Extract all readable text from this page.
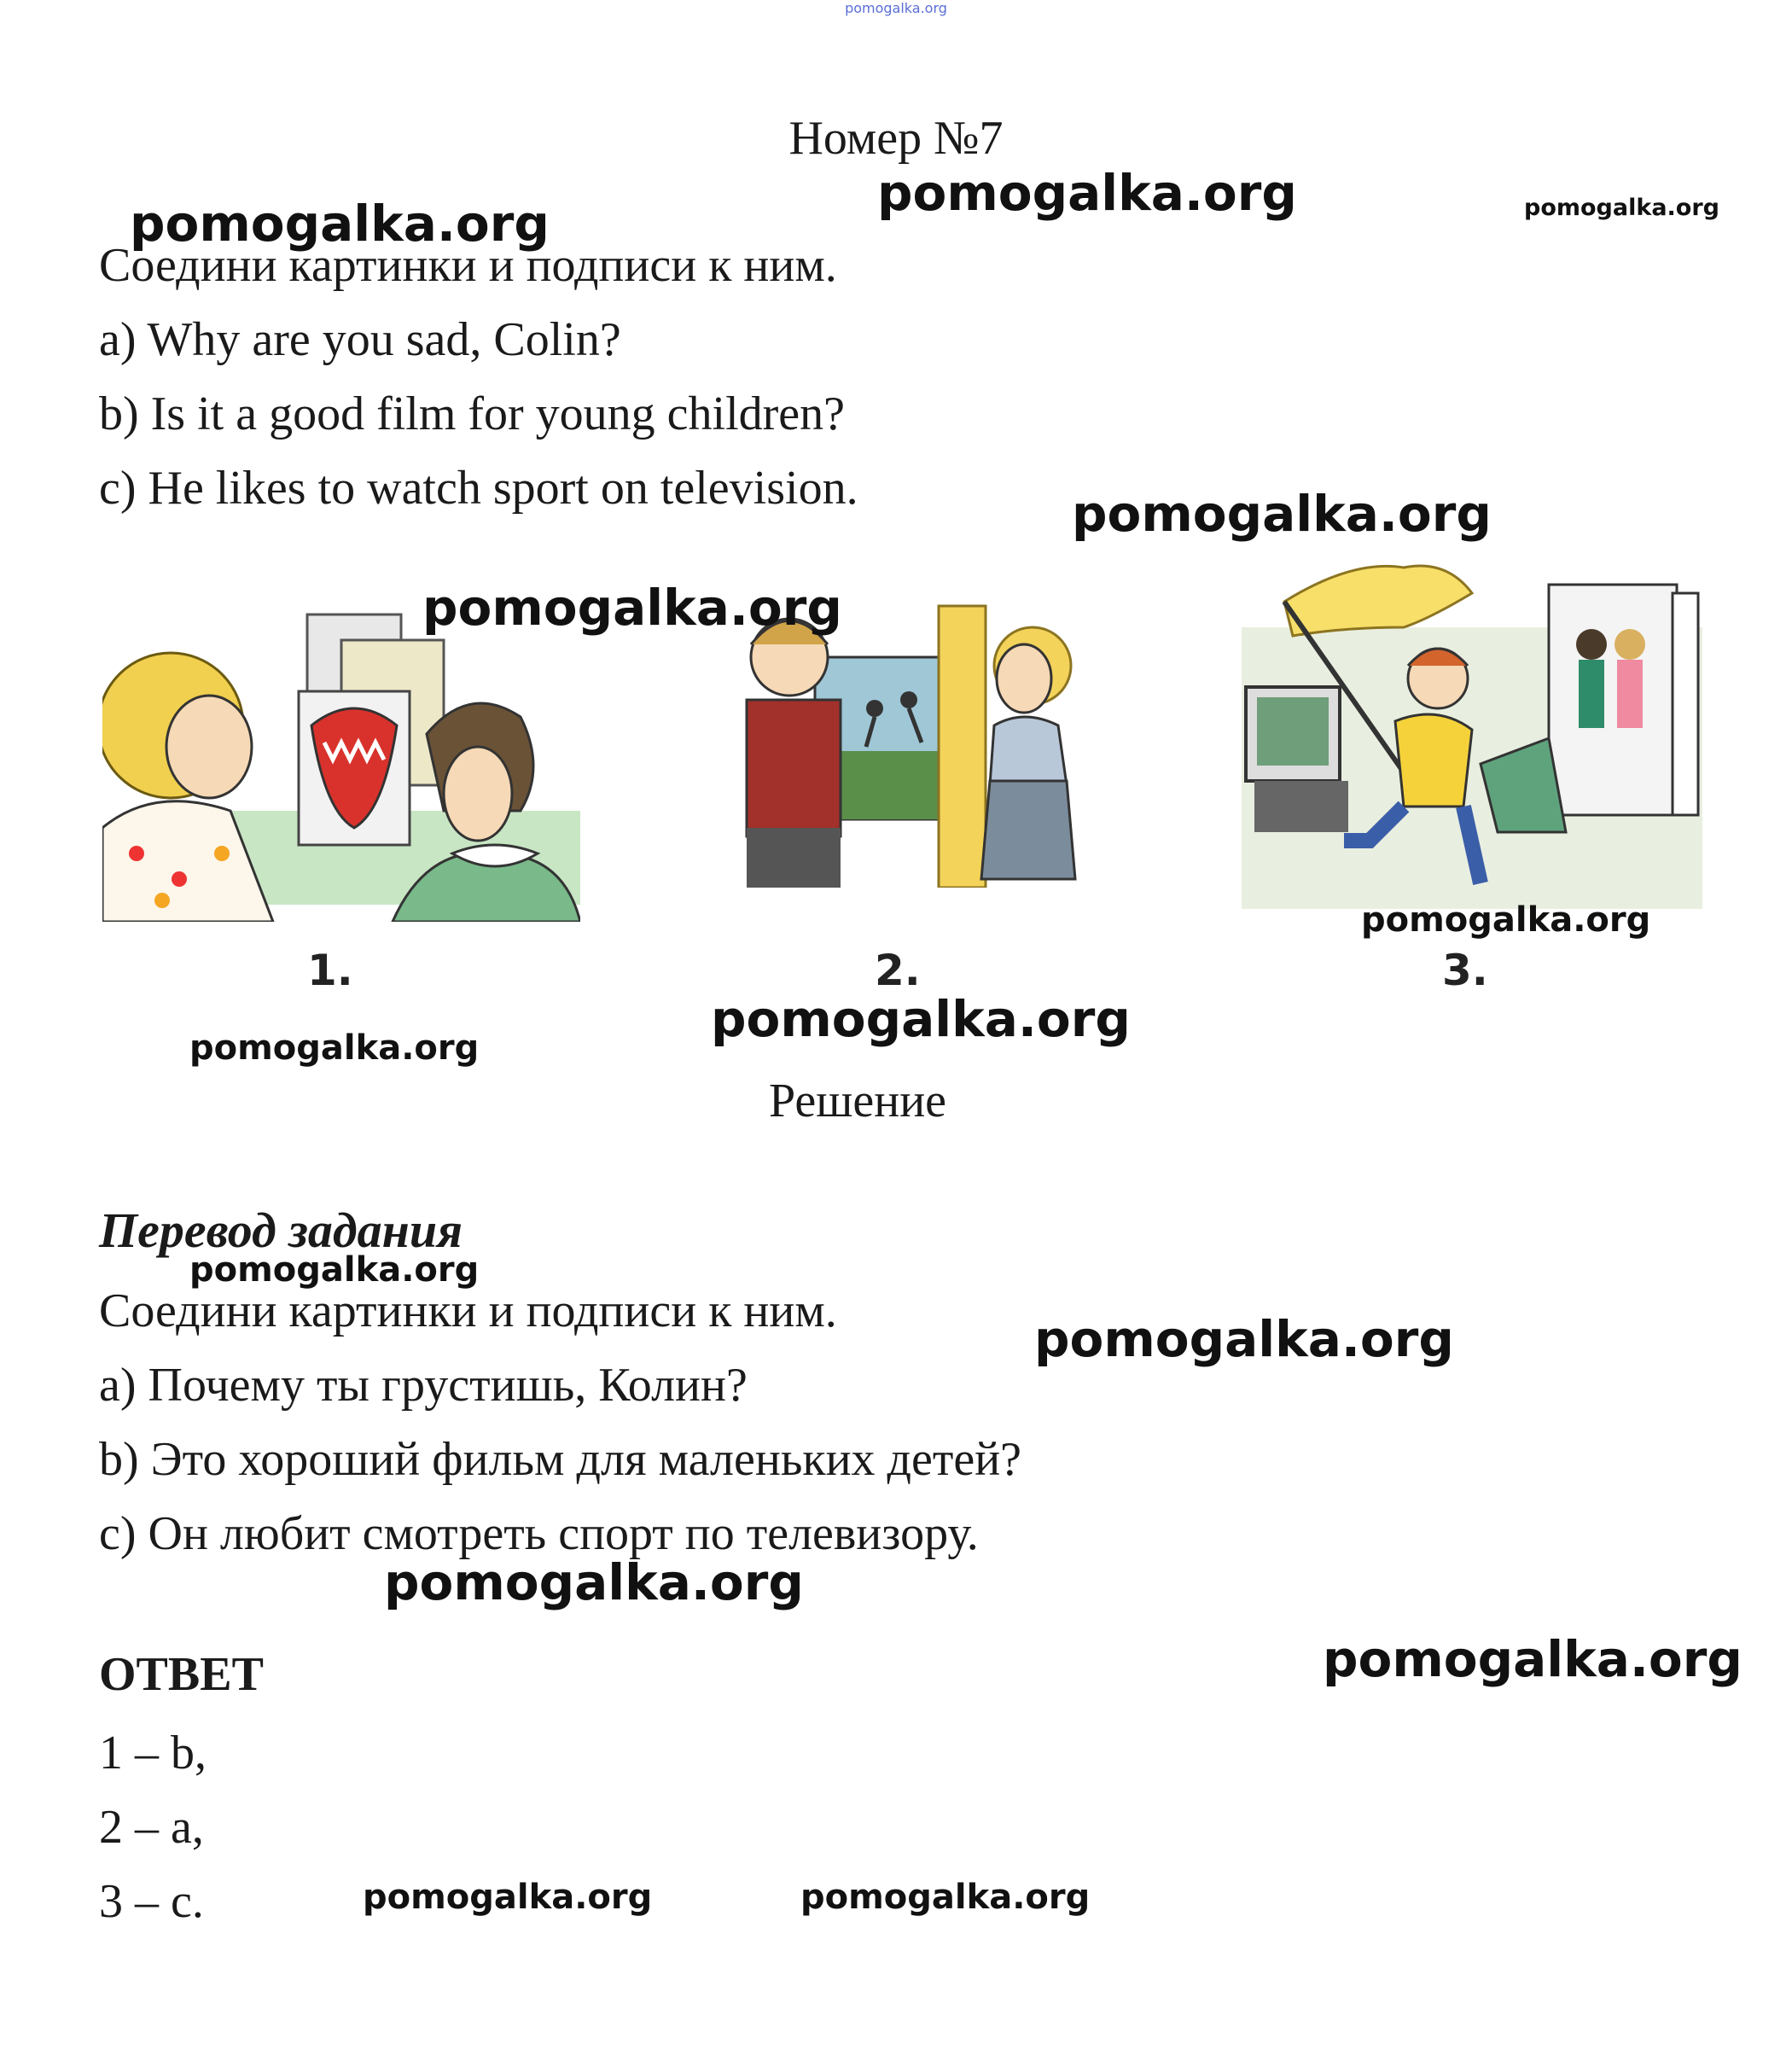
pomogalka.org
Номер №7
Соедини картинки и подписи к ним.
a) Why are you sad, Colin?
b) Is it a good film for young children?
c) He likes to watch sport on television.
1.	2.	3.
Решение
Перевод задания
Соедини картинки и подписи к ним.
a) Почему ты грустишь, Колин?
b) Это хороший фильм для маленьких детей?
c) Он любит смотреть спорт по телевизору.
ОТВЕТ
1 – b,
2 – a,
3 – c.
pomogalka.org
pomogalka.org	pomogalka.org
pomogalka.org
pomogalka.org
pomogalka.org
pomogalka.org
pomogalka.org
pomogalka.org
pomogalka.org
pomogalka.org
pomogalka.org
pomogalka.org	pomogalka.org
